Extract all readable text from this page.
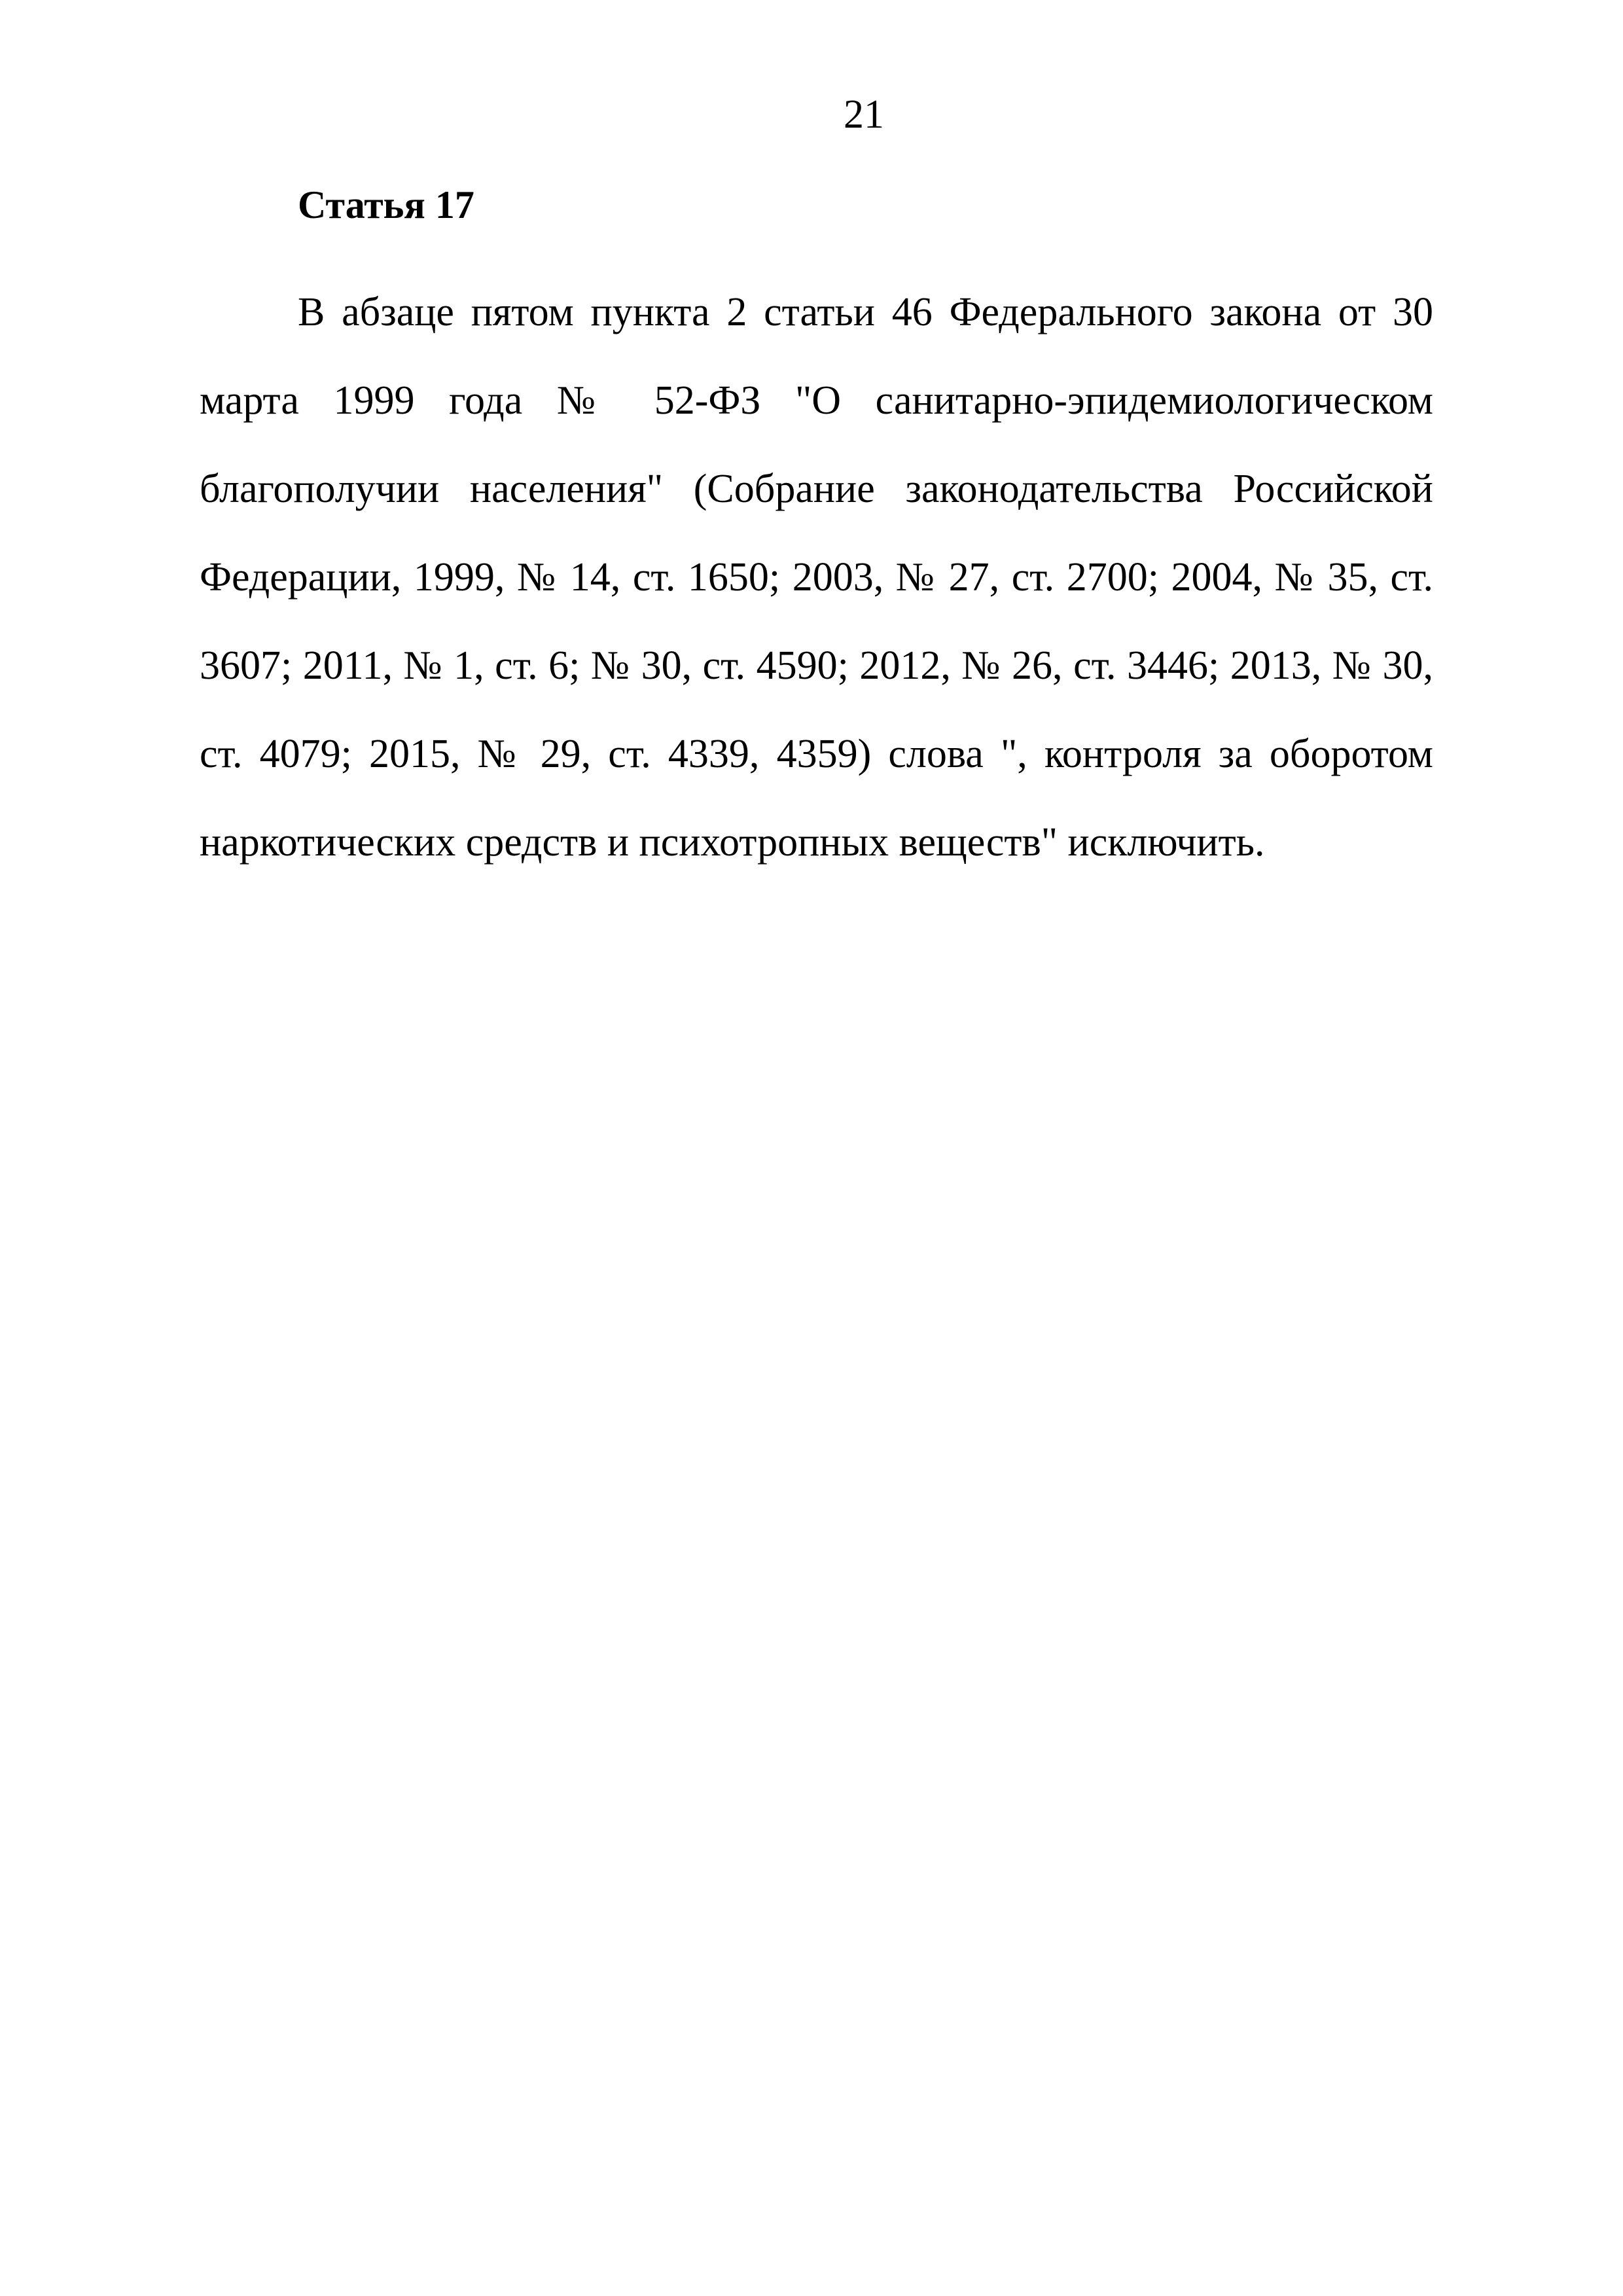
21
Статья 17

В абзаце пятом пункта 2 статьи 46 Федерального закона от 30 марта 1999 года № 52-ФЗ "О санитарно-эпидемиологическом благополучии населения" (Собрание законодательства Российской Федерации, 1999, № 14, ст. 1650; 2003, № 27, ст. 2700; 2004, № 35, ст. 3607; 2011, № 1, ст. 6; № 30, ст. 4590; 2012, № 26, ст. 3446; 2013, № 30, ст. 4079; 2015, № 29, ст. 4339, 4359) слова ", контроля за оборотом наркотических средств и психотропных веществ" исключить.
